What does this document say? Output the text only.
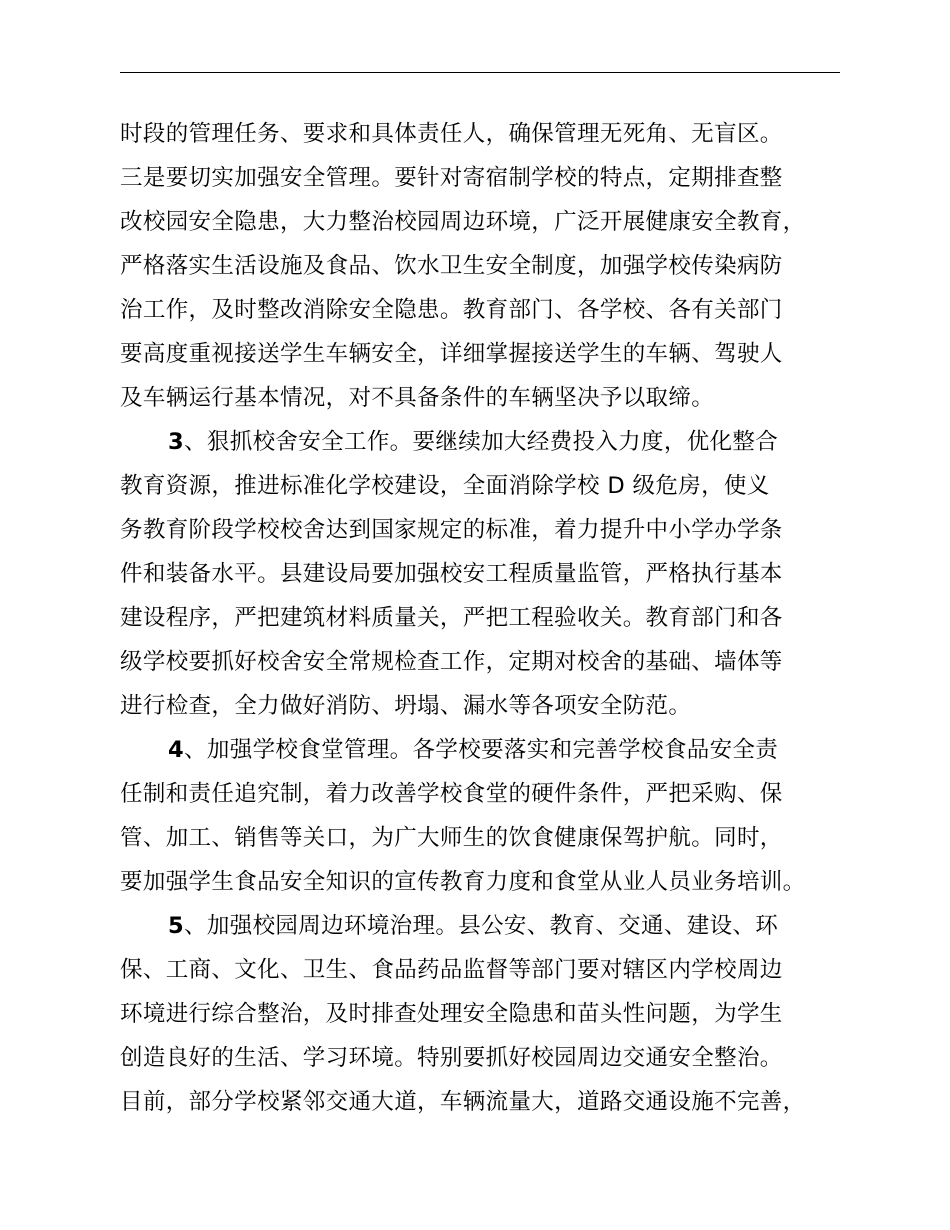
时段的管理任务、要求和具体责任人，确保管理无死角、无盲区。
三是要切实加强安全管理。要针对寄宿制学校的特点，定期排查整
改校园安全隐患，大力整治校园周边环境，广泛开展健康安全教育，
严格落实生活设施及食品、饮水卫生安全制度，加强学校传染病防
治工作，及时整改消除安全隐患。教育部门、各学校、各有关部门
要高度重视接送学生车辆安全，详细掌握接送学生的车辆、驾驶人
及车辆运行基本情况，对不具备条件的车辆坚决予以取缔。
3、狠抓校舍安全工作。要继续加大经费投入力度，优化整合
教育资源，推进标准化学校建设，全面消除学校 D 级危房，使义
务教育阶段学校校舍达到国家规定的标准，着力提升中小学办学条
件和装备水平。县建设局要加强校安工程质量监管，严格执行基本
建设程序，严把建筑材料质量关，严把工程验收关。教育部门和各
级学校要抓好校舍安全常规检查工作，定期对校舍的基础、墙体等
进行检查，全力做好消防、坍塌、漏水等各项安全防范。
4、加强学校食堂管理。各学校要落实和完善学校食品安全责
任制和责任追究制，着力改善学校食堂的硬件条件，严把采购、保
管、加工、销售等关口，为广大师生的饮食健康保驾护航。同时，
要加强学生食品安全知识的宣传教育力度和食堂从业人员业务培训。
5、加强校园周边环境治理。县公安、教育、交通、建设、环
保、工商、文化、卫生、食品药品监督等部门要对辖区内学校周边
环境进行综合整治，及时排查处理安全隐患和苗头性问题，为学生
创造良好的生活、学习环境。特别要抓好校园周边交通安全整治。
目前，部分学校紧邻交通大道，车辆流量大，道路交通设施不完善，
